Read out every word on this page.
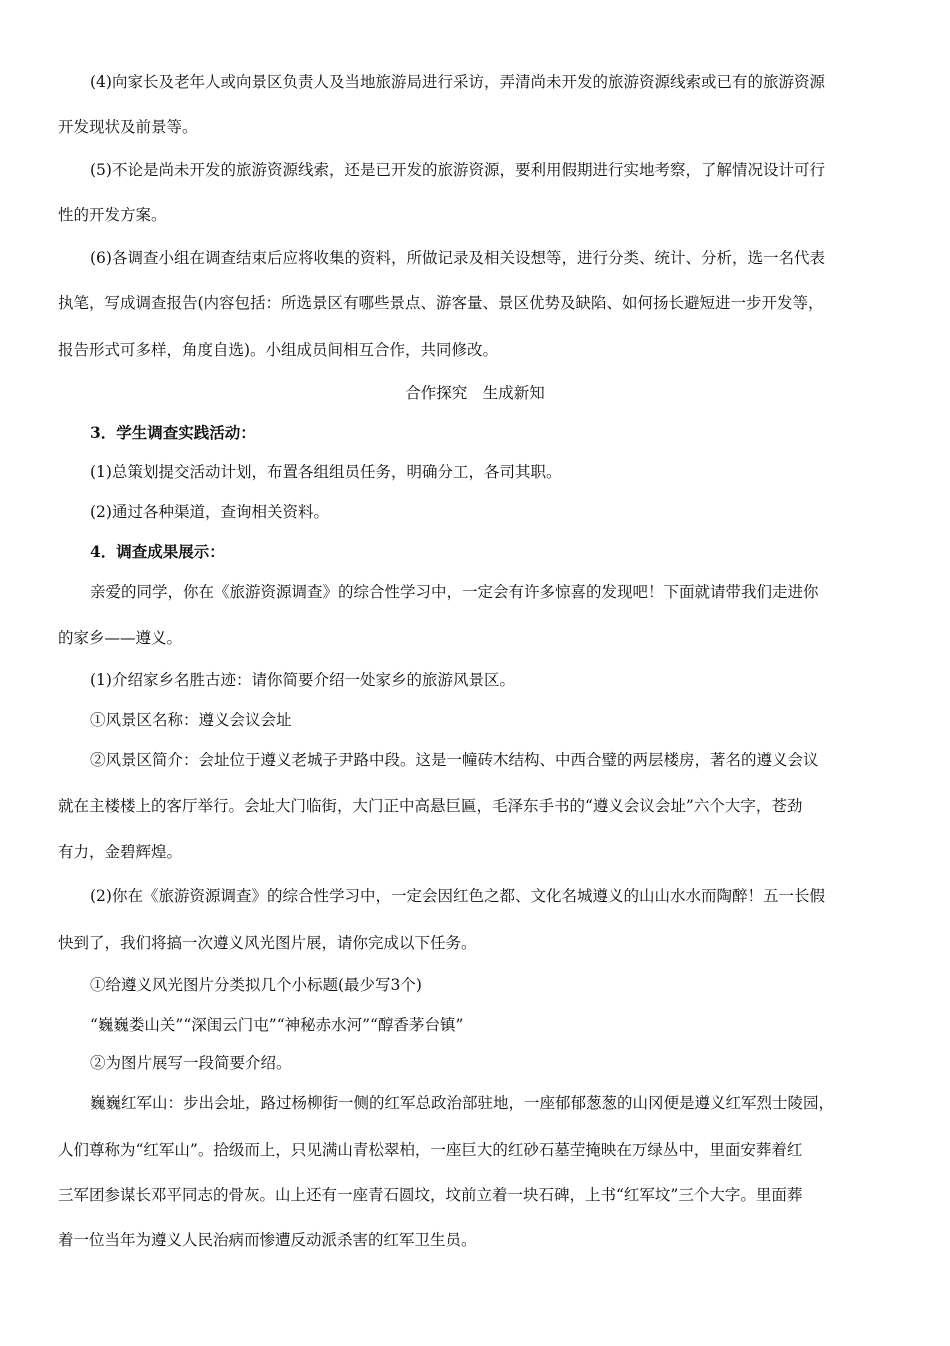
(4)向家长及老年人或向景区负责人及当地旅游局进行采访，弄清尚未开发的旅游资源线索或已有的旅游资源
开发现状及前景等。
(5)不论是尚未开发的旅游资源线索，还是已开发的旅游资源，要利用假期进行实地考察，了解情况设计可行
性的开发方案。
(6)各调查小组在调查结束后应将收集的资料，所做记录及相关设想等，进行分类、统计、分析，选一名代表
执笔，写成调查报告(内容包括：所选景区有哪些景点、游客量、景区优势及缺陷、如何扬长避短进一步开发等，
报告形式可多样，角度自选)。小组成员间相互合作，共同修改。
合作探究　生成新知
3．学生调查实践活动：
(1)总策划提交活动计划，布置各组组员任务，明确分工，各司其职。
(2)通过各种渠道，查询相关资料。
4．调查成果展示：
亲爱的同学，你在《旅游资源调查》的综合性学习中，一定会有许多惊喜的发现吧！下面就请带我们走进你
的家乡——遵义。
(1)介绍家乡名胜古迹：请你简要介绍一处家乡的旅游风景区。
①风景区名称：遵义会议会址
②风景区简介：会址位于遵义老城子尹路中段。这是一幢砖木结构、中西合璧的两层楼房，著名的遵义会议
就在主楼楼上的客厅举行。会址大门临街，大门正中高悬巨匾，毛泽东手书的“遵义会议会址”六个大字，苍劲
有力，金碧辉煌。
(2)你在《旅游资源调查》的综合性学习中，一定会因红色之都、文化名城遵义的山山水水而陶醉！五一长假
快到了，我们将搞一次遵义风光图片展，请你完成以下任务。
①给遵义风光图片分类拟几个小标题(最少写3个)
“巍巍娄山关”“深闺云门屯”“神秘赤水河”“醇香茅台镇”
②为图片展写一段简要介绍。
巍巍红军山：步出会址，路过杨柳街一侧的红军总政治部驻地，一座郁郁葱葱的山冈便是遵义红军烈士陵园，
人们尊称为“红军山”。拾级而上，只见满山青松翠柏，一座巨大的红砂石墓茔掩映在万绿丛中，里面安葬着红
三军团参谋长邓平同志的骨灰。山上还有一座青石圆坟，坟前立着一块石碑，上书“红军坟”三个大字。里面葬
着一位当年为遵义人民治病而惨遭反动派杀害的红军卫生员。
